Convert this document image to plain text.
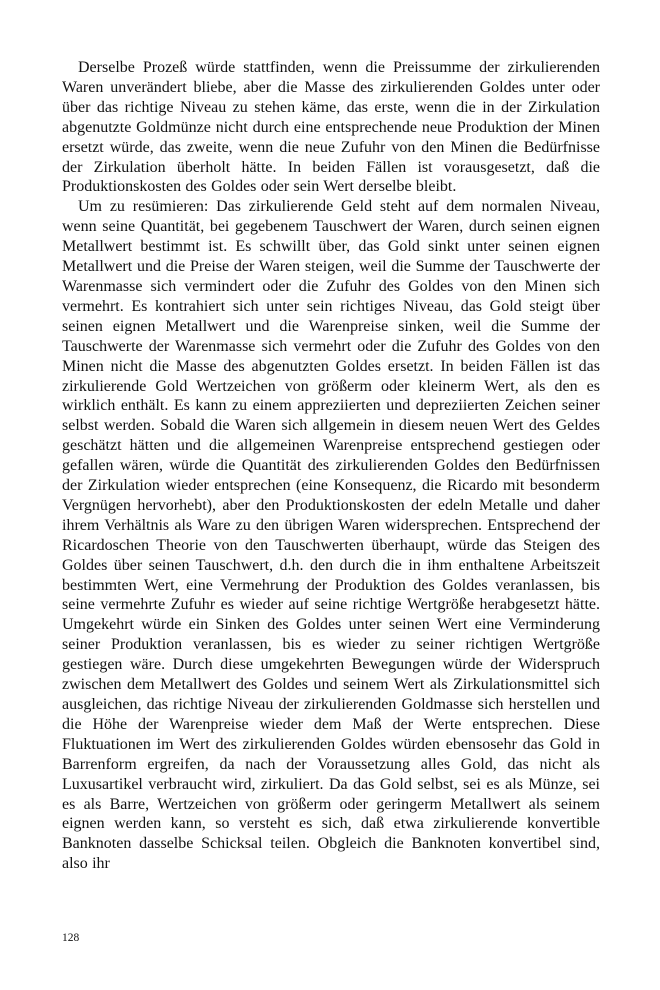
Derselbe Prozeß würde stattfinden, wenn die Preissumme der zirkulierenden Waren unverändert bliebe, aber die Masse des zirkulierenden Goldes unter oder über das richtige Niveau zu stehen käme, das erste, wenn die in der Zirkulation abgenutzte Goldmünze nicht durch eine entsprechende neue Produktion der Minen ersetzt würde, das zweite, wenn die neue Zufuhr von den Minen die Bedürfnisse der Zirkulation überholt hätte. In beiden Fällen ist vorausgesetzt, daß die Produktionskosten des Goldes oder sein Wert derselbe bleibt.

Um zu resümieren: Das zirkulierende Geld steht auf dem normalen Niveau, wenn seine Quantität, bei gegebenem Tauschwert der Waren, durch seinen eignen Metallwert bestimmt ist. Es schwillt über, das Gold sinkt unter seinen eignen Metallwert und die Preise der Waren steigen, weil die Summe der Tauschwerte der Warenmasse sich vermindert oder die Zufuhr des Goldes von den Minen sich vermehrt. Es kontrahiert sich unter sein richtiges Niveau, das Gold steigt über seinen eignen Metallwert und die Warenpreise sinken, weil die Summe der Tauschwerte der Warenmasse sich vermehrt oder die Zufuhr des Goldes von den Minen nicht die Masse des abgenutzten Goldes ersetzt. In beiden Fällen ist das zirkulierende Gold Wertzeichen von größerm oder kleinerm Wert, als den es wirklich enthält. Es kann zu einem appreziierten und depreziierten Zeichen seiner selbst werden. Sobald die Waren sich allgemein in diesem neuen Wert des Geldes geschätzt hätten und die allgemeinen Warenpreise entsprechend gestiegen oder gefallen wären, würde die Quantität des zirkulierenden Goldes den Bedürfnissen der Zirkulation wieder entsprechen (eine Konsequenz, die Ricardo mit besonderm Vergnügen hervorhebt), aber den Produktionskosten der edeln Metalle und daher ihrem Verhältnis als Ware zu den übrigen Waren widersprechen. Entsprechend der Ricardoschen Theorie von den Tauschwerten überhaupt, würde das Steigen des Goldes über seinen Tauschwert, d.h. den durch die in ihm enthaltene Arbeitszeit bestimmten Wert, eine Vermehrung der Produktion des Goldes veranlassen, bis seine vermehrte Zufuhr es wieder auf seine richtige Wertgröße herabgesetzt hätte. Umgekehrt würde ein Sinken des Goldes unter seinen Wert eine Verminderung seiner Produktion veranlassen, bis es wieder zu seiner richtigen Wertgröße gestiegen wäre. Durch diese umgekehrten Bewegungen würde der Widerspruch zwischen dem Metallwert des Goldes und seinem Wert als Zirkulationsmittel sich ausgleichen, das richtige Niveau der zirkulierenden Goldmasse sich herstellen und die Höhe der Warenpreise wieder dem Maß der Werte entsprechen. Diese Fluktuationen im Wert des zirkulierenden Goldes würden ebensosehr das Gold in Barrenform ergreifen, da nach der Voraussetzung alles Gold, das nicht als Luxusartikel verbraucht wird, zirkuliert. Da das Gold selbst, sei es als Münze, sei es als Barre, Wertzeichen von größerm oder geringerm Metallwert als seinem eignen werden kann, so versteht es sich, daß etwa zirkulierende konvertible Banknoten dasselbe Schicksal teilen. Obgleich die Banknoten konvertibel sind, also ihr

128
